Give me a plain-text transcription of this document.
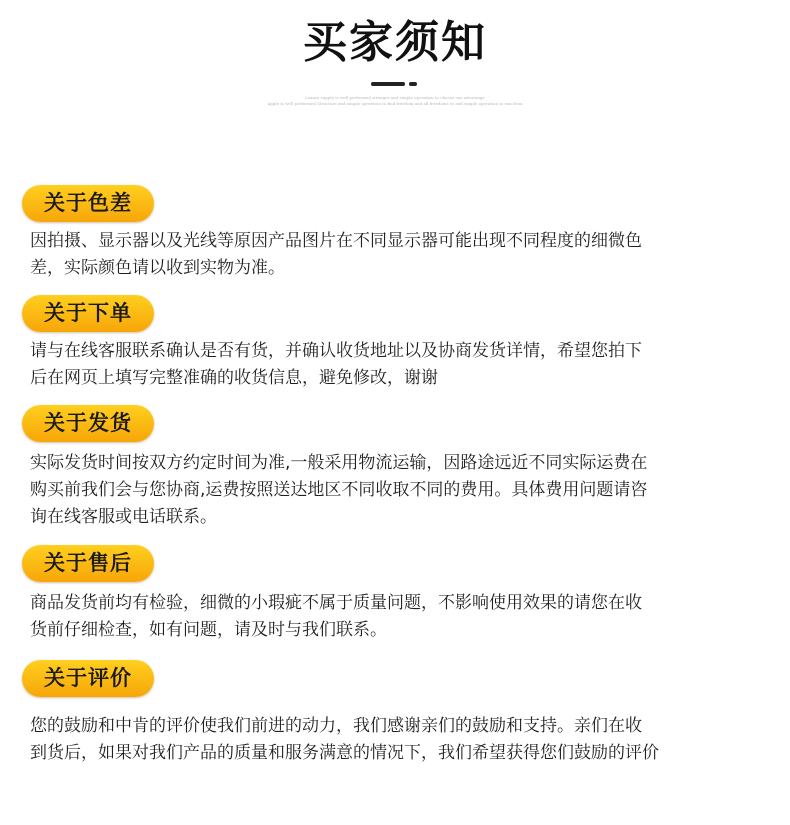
买家须知
Luxury supply is well performed stronger and simple operation to choose our advantage
Apple is well performed Structure and simple operation to find freedom and all freedoms to and simple operation to run from
关于色差
因拍摄、显示器以及光线等原因产品图片在不同显示器可能出现不同程度的细微色
差，实际颜色请以收到实物为准。
关于下单
请与在线客服联系确认是否有货，并确认收货地址以及协商发货详情，希望您拍下
后在网页上填写完整准确的收货信息，避免修改，谢谢
关于发货
实际发货时间按双方约定时间为准,一般采用物流运输，因路途远近不同实际运费在
购买前我们会与您协商,运费按照送达地区不同收取不同的费用。具体费用问题请咨
询在线客服或电话联系。
关于售后
商品发货前均有检验，细微的小瑕疵不属于质量问题，不影响使用效果的请您在收
货前仔细检查，如有问题，请及时与我们联系。
关于评价
您的鼓励和中肯的评价使我们前进的动力，我们感谢亲们的鼓励和支持。亲们在收
到货后，如果对我们产品的质量和服务满意的情况下，我们希望获得您们鼓励的评价
